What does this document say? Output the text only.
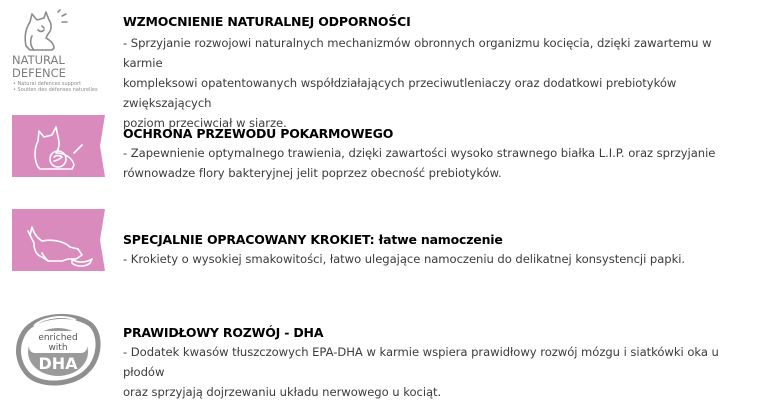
NATURAL
DEFENCE
• Natural defences support
• Soutien des défenses naturelles
WZMOCNIENIE NATURALNEJ ODPORNOŚCI
- Sprzyjanie rozwojowi naturalnych mechanizmów obronnych organizmu kocięcia, dzięki zawartemu w karmie
kompleksowi opatentowanych współdziałających przeciwutleniaczy oraz dodatkowi prebiotyków zwiększających
poziom przeciwciał w siarze.
OCHRONA PRZEWODU POKARMOWEGO
- Zapewnienie optymalnego trawienia, dzięki zawartości wysoko strawnego białka L.I.P. oraz sprzyjanie
równowadze flory bakteryjnej jelit poprzez obecność prebiotyków.
SPECJALNIE OPRACOWANY KROKIET: łatwe namoczenie
- Krokiety o wysokiej smakowitości, łatwo ulegające namoczeniu do delikatnej konsystencji papki.
enriched
with
DHA
PRAWIDŁOWY ROZWÓJ - DHA
- Dodatek kwasów tłuszczowych EPA-DHA w karmie wspiera prawidłowy rozwój mózgu i siatkówki oka u płodów
oraz sprzyjają dojrzewaniu układu nerwowego u kociąt.
